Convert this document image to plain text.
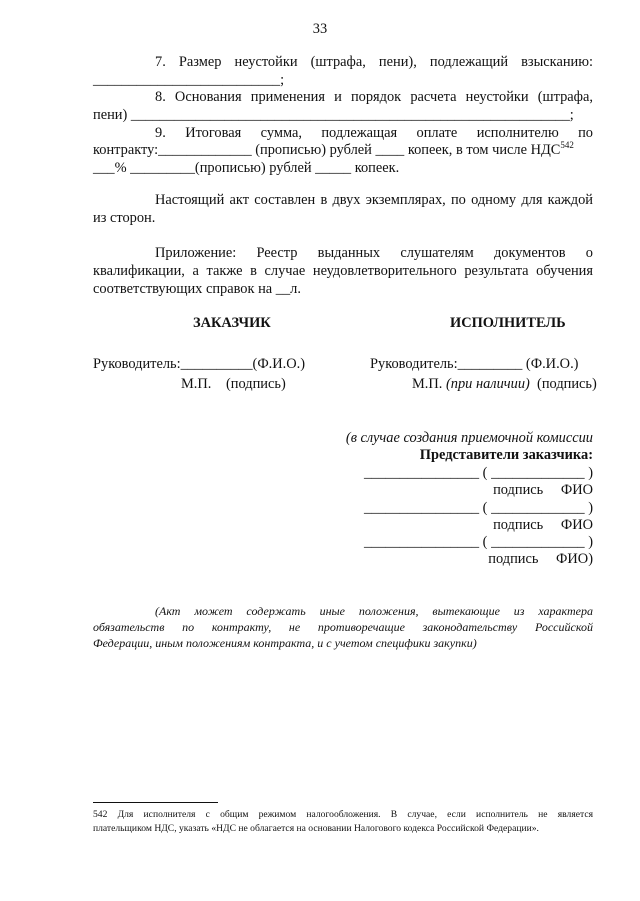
33
7. Размер неустойки (штрафа, пени), подлежащий взысканию:
__________________________;
8. Основания применения и порядок расчета неустойки (штрафа,
пени) _____________________________________________________________;
9. Итоговая сумма, подлежащая оплате исполнителю по
контракту:_____________ (прописью) рублей ____ копеек, в том числе НДС$^{542}$
___% _________(прописью) рублей _____ копеек.
Настоящий акт составлен в двух экземплярах, по одному для каждой
из сторон.
Приложение: Реестр выданных слушателям документов о
квалификации, а также в случае неудовлетворительного результата обучения
соответствующих справок на __л.
ЗАКАЗЧИК	ИСПОЛНИТЕЛЬ
Руководитель:__________(Ф.И.О.)
М.П. (подпись)
Руководитель:_________ (Ф.И.О.)
М.П. (при наличии) (подпись)
(в случае создания приемочной комиссии
Представители заказчика:
________________ ( _____________ )
подпись ФИО
________________ ( _____________ )
подпись ФИО
________________ ( _____________ )
подпись ФИО)
(Акт может содержать иные положения, вытекающие из характера
обязательств по контракту, не противоречащие законодательству Российской
Федерации, иным положениям контракта, и с учетом специфики закупки)
542 Для исполнителя с общим режимом налогообложения. В случае, если исполнитель не является
плательщиком НДС, указать «НДС не облагается на основании Налогового кодекса Российской Федерации».
